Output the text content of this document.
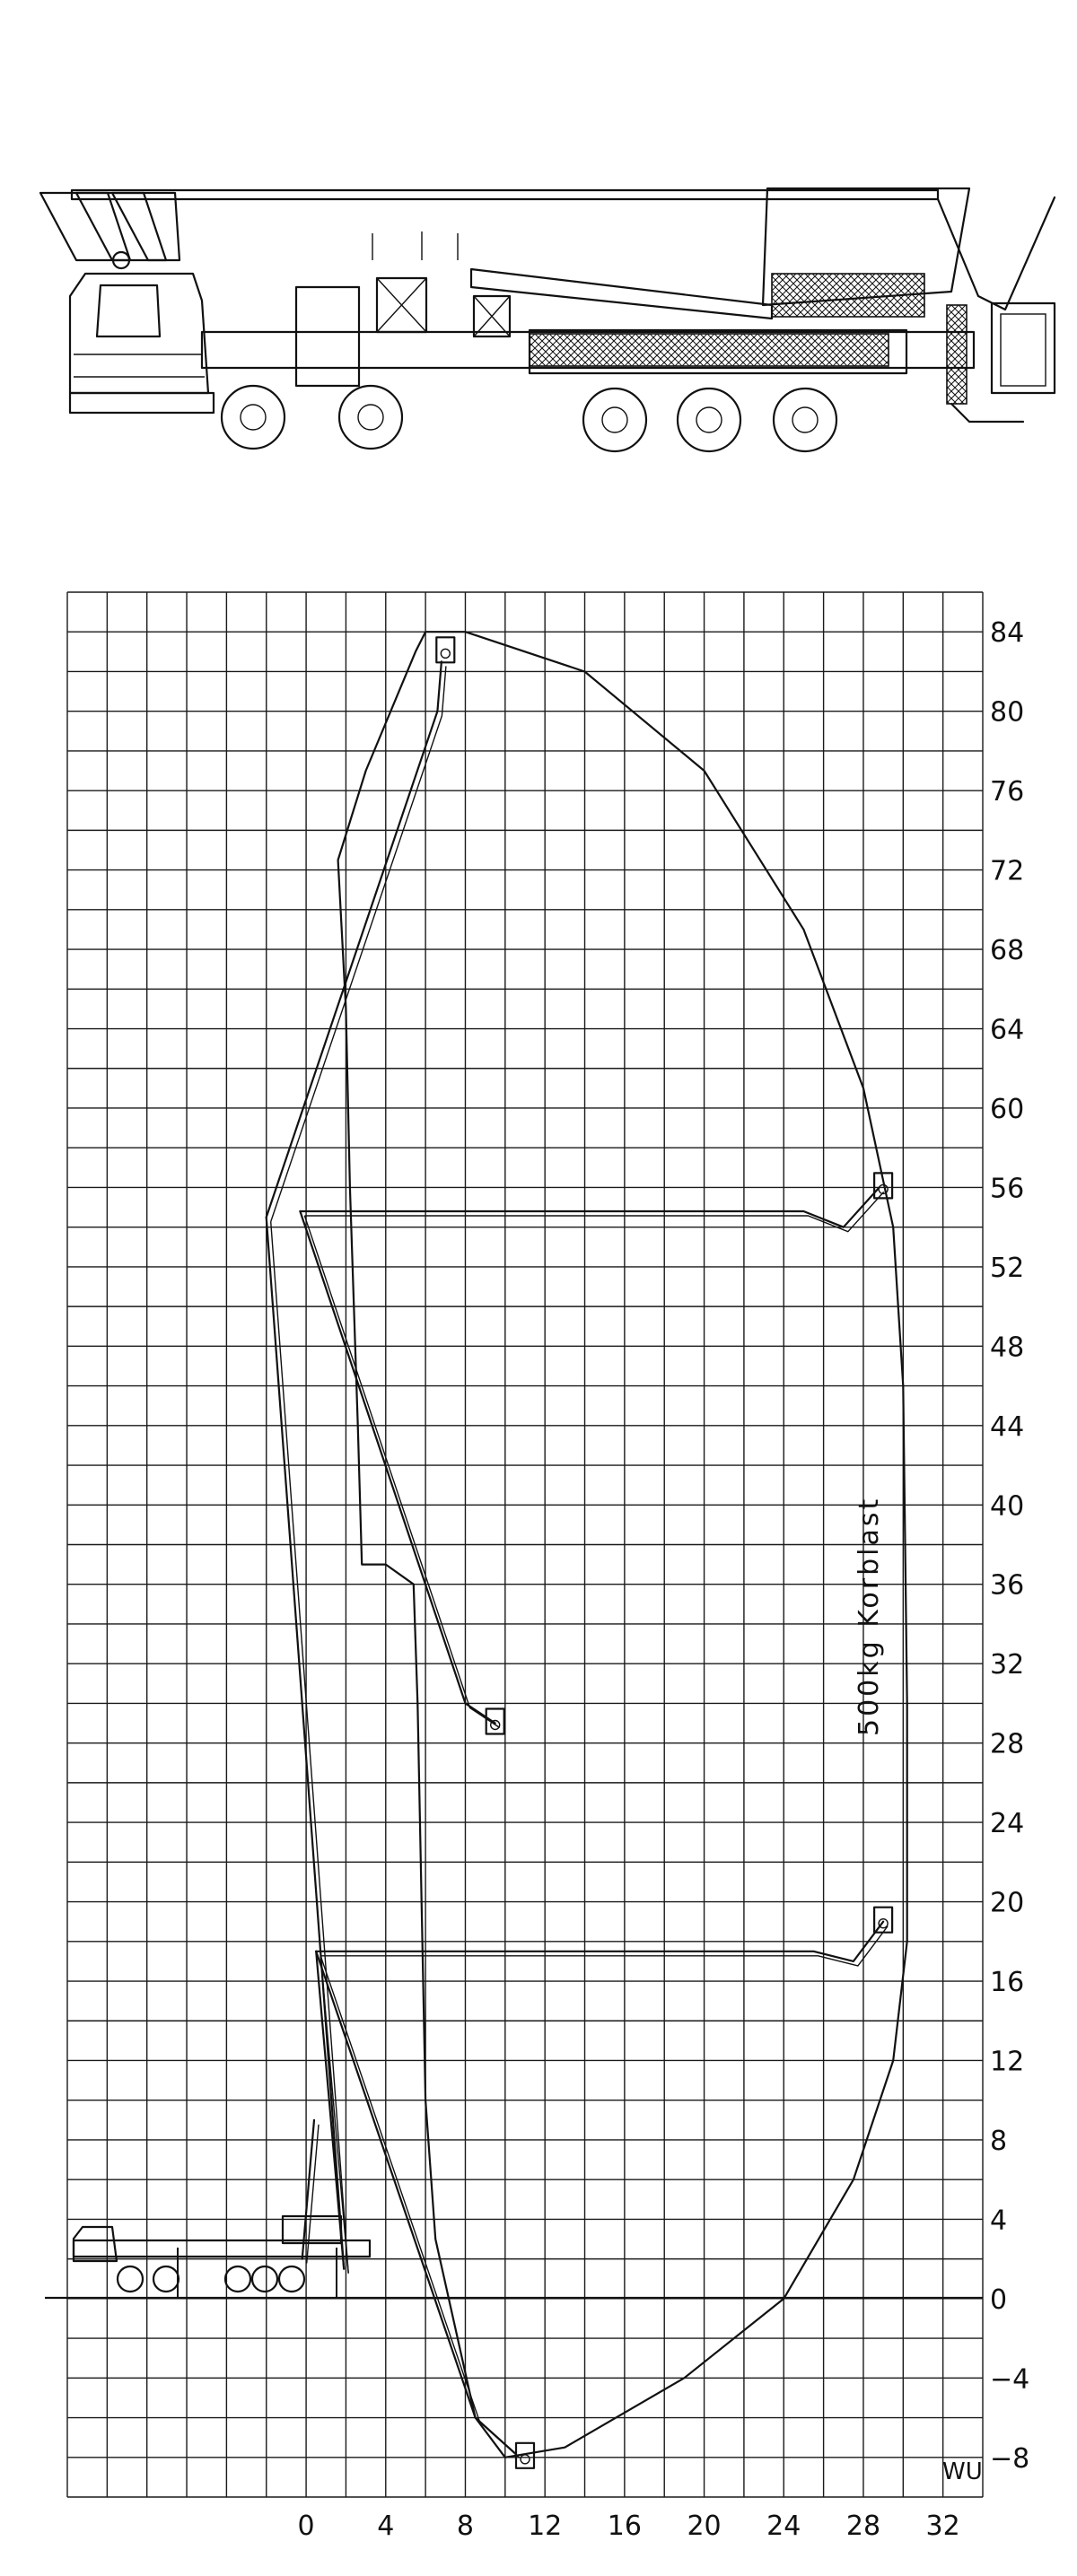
−8
−4
0
4
8
12
16
20
24
28
32
36
40
44
48
52
56
60
64
68
72
76
80
84
0 4 8 12 16 20 24 28 32
500kg Korblast
WU
